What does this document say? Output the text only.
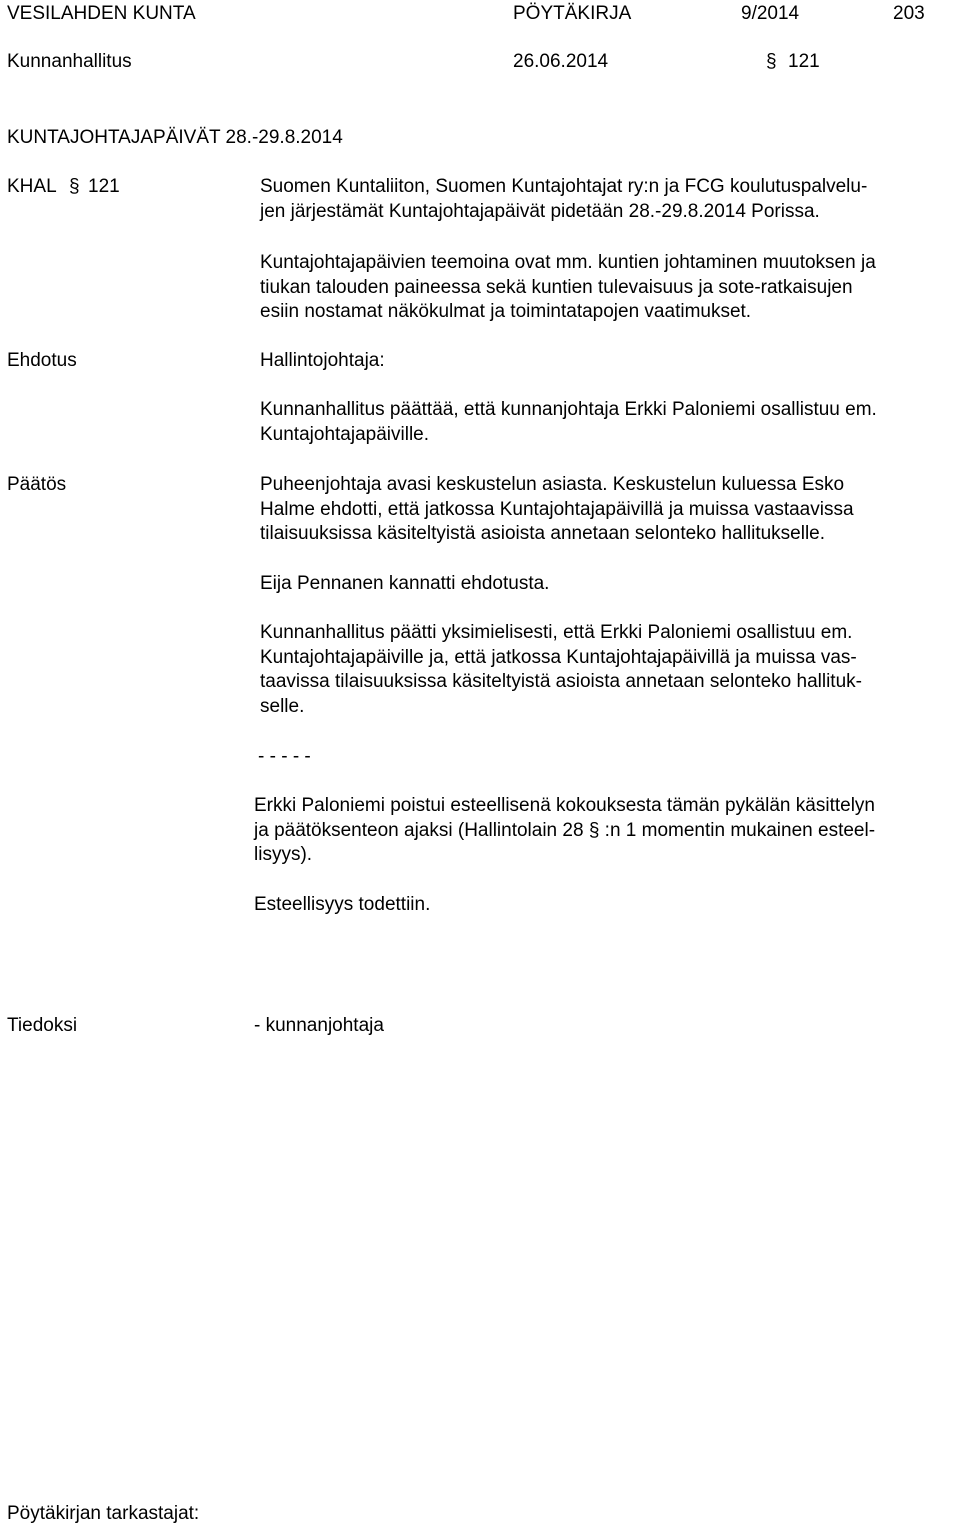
VESILAHDEN KUNTA	PÖYTÄKIRJA	9/2014	203
Kunnanhallitus	26.06.2014	§ 121
KUNTAJOHTAJAPÄIVÄT 28.-29.8.2014
KHAL § 121	Suomen Kuntaliiton, Suomen Kuntajohtajat ry:n ja FCG koulutuspalvelu-
jen järjestämät Kuntajohtajapäivät pidetään 28.-29.8.2014 Porissa.
Kuntajohtajapäivien teemoina ovat mm. kuntien johtaminen muutoksen ja
tiukan talouden paineessa sekä kuntien tulevaisuus ja sote-ratkaisujen
esiin nostamat näkökulmat ja toimintatapojen vaatimukset.
Ehdotus	Hallintojohtaja:
Kunnanhallitus päättää, että kunnanjohtaja Erkki Paloniemi osallistuu em.
Kuntajohtajapäiville.
Päätös	Puheenjohtaja avasi keskustelun asiasta. Keskustelun kuluessa Esko
Halme ehdotti, että jatkossa Kuntajohtajapäivillä ja muissa vastaavissa
tilaisuuksissa käsiteltyistä asioista annetaan selonteko hallitukselle.
Eija Pennanen kannatti ehdotusta.
Kunnanhallitus päätti yksimielisesti, että Erkki Paloniemi osallistuu em.
Kuntajohtajapäiville ja, että jatkossa Kuntajohtajapäivillä ja muissa vas-
taavissa tilaisuuksissa käsiteltyistä asioista annetaan selonteko hallituk-
selle.
- - - - -
Erkki Paloniemi poistui esteellisenä kokouksesta tämän pykälän käsittelyn
ja päätöksenteon ajaksi (Hallintolain 28 § :n 1 momentin mukainen esteel-
lisyys).
Esteellisyys todettiin.
Tiedoksi	- kunnanjohtaja
Pöytäkirjan tarkastajat:
